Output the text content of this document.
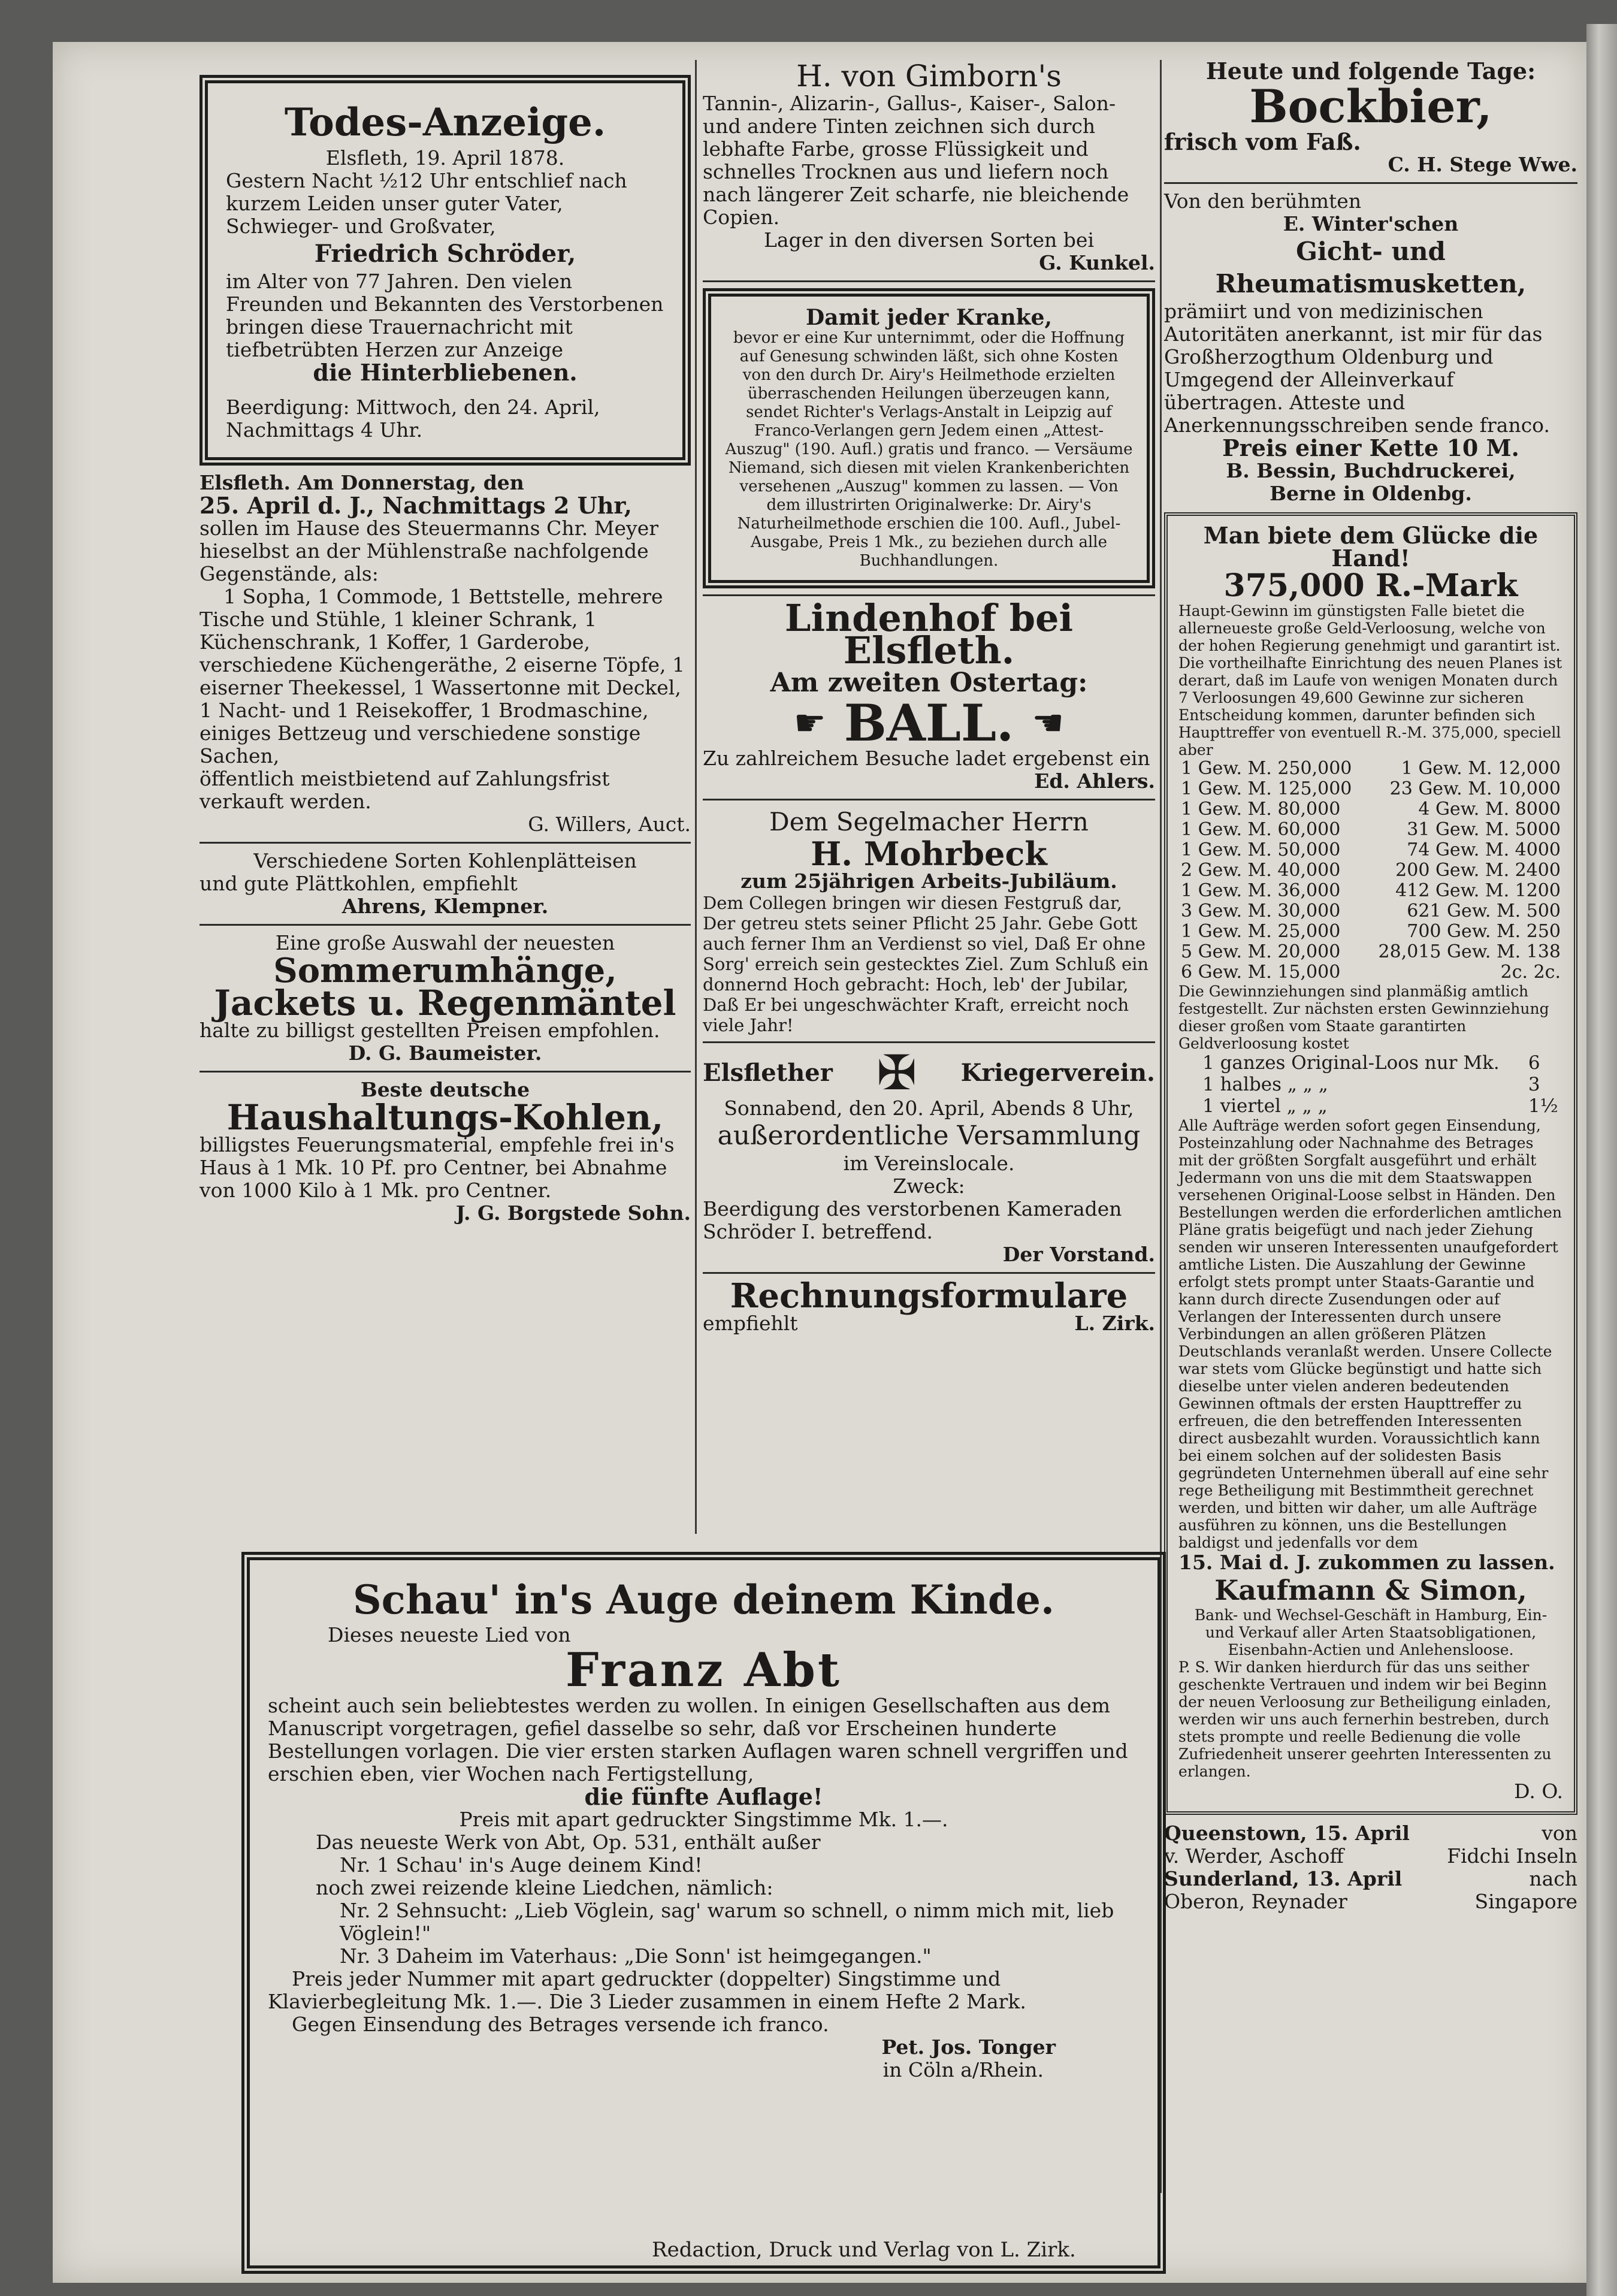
Todes-Anzeige.

Elsfleth, 19. April 1878.

Gestern Nacht ½12 Uhr entschlief nach kurzem Leiden unser guter Vater, Schwieger- und Großvater,

Friedrich Schröder,

im Alter von 77 Jahren. Den vielen Freunden und Bekannten des Verstorbenen bringen diese Trauernachricht mit tiefbetrübten Herzen zur Anzeige

die Hinterbliebenen.

Beerdigung: Mittwoch, den 24. April, Nachmittags 4 Uhr.

Elsfleth. Am Donnerstag, den

25. April d. J., Nachmittags 2 Uhr,

sollen im Hause des Steuermanns Chr. Meyer hieselbst an der Mühlenstraße nachfolgende Gegenstände, als:

1 Sopha, 1 Commode, 1 Bettstelle, mehrere Tische und Stühle, 1 kleiner Schrank, 1 Küchenschrank, 1 Koffer, 1 Garderobe, verschiedene Küchengeräthe, 2 eiserne Töpfe, 1 eiserner Theekessel, 1 Wassertonne mit Deckel, 1 Nacht- und 1 Reisekoffer, 1 Brodmaschine, einiges Bettzeug und verschiedene sonstige Sachen,

öffentlich meistbietend auf Zahlungsfrist verkauft werden.

G. Willers, Auct.

Verschiedene Sorten Kohlenplätteisen

und gute Plättkohlen, empfiehlt

Ahrens, Klempner.

Eine große Auswahl der neuesten

Sommerumhänge,

Jackets u. Regenmäntel

halte zu billigst gestellten Preisen empfohlen.

D. G. Baumeister.

Beste deutsche

Haushaltungs-Kohlen,

billigstes Feuerungsmaterial, empfehle frei in's Haus à 1 Mk. 10 Pf. pro Centner, bei Abnahme von 1000 Kilo à 1 Mk. pro Centner.

J. G. Borgstede Sohn.

H. von Gimborn's

Tannin-, Alizarin-, Gallus-, Kaiser-, Salon- und andere Tinten zeichnen sich durch lebhafte Farbe, grosse Flüssigkeit und schnelles Trocknen aus und liefern noch nach längerer Zeit scharfe, nie bleichende Copien.

Lager in den diversen Sorten bei

G. Kunkel.

Damit jeder Kranke,

bevor er eine Kur unternimmt, oder die Hoffnung auf Genesung schwinden läßt, sich ohne Kosten von den durch Dr. Airy's Heilmethode erzielten überraschenden Heilungen überzeugen kann, sendet Richter's Verlags-Anstalt in Leipzig auf Franco-Verlangen gern Jedem einen „Attest-Auszug" (190. Aufl.) gratis und franco. — Versäume Niemand, sich diesen mit vielen Krankenberichten versehenen „Auszug" kommen zu lassen. — Von dem illustrirten Originalwerke: Dr. Airy's Naturheilmethode erschien die 100. Aufl., Jubel-Ausgabe, Preis 1 Mk., zu beziehen durch alle Buchhandlungen.

Lindenhof bei Elsfleth.

Am zweiten Ostertag:

☛ BALL. ☚

Zu zahlreichem Besuche ladet ergebenst ein

Ed. Ahlers.

Dem Segelmacher Herrn

H. Mohrbeck

zum 25jährigen Arbeits-Jubiläum.

Dem Collegen bringen wir diesen Festgruß dar, Der getreu stets seiner Pflicht 25 Jahr. Gebe Gott auch ferner Ihm an Verdienst so viel, Daß Er ohne Sorg' erreich sein gestecktes Ziel. Zum Schluß ein donnernd Hoch gebracht: Hoch, leb' der Jubilar, Daß Er bei ungeschwächter Kraft, erreicht noch viele Jahr!

Elsflether ✠ Kriegerverein.

Sonnabend, den 20. April, Abends 8 Uhr,

außerordentliche Versammlung

im Vereinslocale.

Zweck:

Beerdigung des verstorbenen Kameraden Schröder I. betreffend.

Der Vorstand.

Rechnungsformulare

empfiehlt	L. Zirk.

Heute und folgende Tage:

Bockbier,

frisch vom Faß.

C. H. Stege Wwe.

Von den berühmten

E. Winter'schen

Gicht- und Rheumatismusketten,

prämiirt und von medizinischen Autoritäten anerkannt, ist mir für das Großherzogthum Oldenburg und Umgegend der Alleinverkauf übertragen. Atteste und Anerkennungsschreiben sende franco.

Preis einer Kette 10 M.

B. Bessin, Buchdruckerei,

Berne in Oldenbg.

Man biete dem Glücke die Hand!

375,000 R.-Mark

Haupt-Gewinn im günstigsten Falle bietet die allerneueste große Geld-Verloosung, welche von der hohen Regierung genehmigt und garantirt ist. Die vortheilhafte Einrichtung des neuen Planes ist derart, daß im Laufe von wenigen Monaten durch 7 Verloosungen 49,600 Gewinne zur sicheren Entscheidung kommen, darunter befinden sich Haupttreffer von eventuell R.-M. 375,000, speciell aber

1 Gew. M. 250,000	1 Gew. M. 12,000
1 Gew. M. 125,000	23 Gew. M. 10,000
1 Gew. M. 80,000	4 Gew. M. 8000
1 Gew. M. 60,000	31 Gew. M. 5000
1 Gew. M. 50,000	74 Gew. M. 4000
2 Gew. M. 40,000	200 Gew. M. 2400
1 Gew. M. 36,000	412 Gew. M. 1200
3 Gew. M. 30,000	621 Gew. M. 500
1 Gew. M. 25,000	700 Gew. M. 250
5 Gew. M. 20,000	28,015 Gew. M. 138
6 Gew. M. 15,000	2c. 2c.

Die Gewinnziehungen sind planmäßig amtlich festgestellt. Zur nächsten ersten Gewinnziehung dieser großen vom Staate garantirten Geldverloosung kostet

1 ganzes Original-Loos nur Mk.	6
1 halbes „ „ „	3
1 viertel „ „ „	1½

Alle Aufträge werden sofort gegen Einsendung, Posteinzahlung oder Nachnahme des Betrages mit der größten Sorgfalt ausgeführt und erhält Jedermann von uns die mit dem Staatswappen versehenen Original-Loose selbst in Händen. Den Bestellungen werden die erforderlichen amtlichen Pläne gratis beigefügt und nach jeder Ziehung senden wir unseren Interessenten unaufgefordert amtliche Listen. Die Auszahlung der Gewinne erfolgt stets prompt unter Staats-Garantie und kann durch directe Zusendungen oder auf Verlangen der Interessenten durch unsere Verbindungen an allen größeren Plätzen Deutschlands veranlaßt werden. Unsere Collecte war stets vom Glücke begünstigt und hatte sich dieselbe unter vielen anderen bedeutenden Gewinnen oftmals der ersten Haupttreffer zu erfreuen, die den betreffenden Interessenten direct ausbezahlt wurden. Voraussichtlich kann bei einem solchen auf der solidesten Basis gegründeten Unternehmen überall auf eine sehr rege Betheiligung mit Bestimmtheit gerechnet werden, und bitten wir daher, um alle Aufträge ausführen zu können, uns die Bestellungen baldigst und jedenfalls vor dem

15. Mai d. J. zukommen zu lassen.

Kaufmann & Simon,

Bank- und Wechsel-Geschäft in Hamburg, Ein- und Verkauf aller Arten Staatsobligationen, Eisenbahn-Actien und Anlehensloose.

P. S. Wir danken hierdurch für das uns seither geschenkte Vertrauen und indem wir bei Beginn der neuen Verloosung zur Betheiligung einladen, werden wir uns auch fernerhin bestreben, durch stets prompte und reelle Bedienung die volle Zufriedenheit unserer geehrten Interessenten zu erlangen.

D. O.

Queenstown, 15. April	von
v. Werder, Aschoff	Fidchi Inseln
Sunderland, 13. April	nach
Oberon, Reynader	Singapore

Schau' in's Auge deinem Kinde.

Dieses neueste Lied von

Franz Abt

scheint auch sein beliebtestes werden zu wollen. In einigen Gesellschaften aus dem Manuscript vorgetragen, gefiel dasselbe so sehr, daß vor Erscheinen hunderte Bestellungen vorlagen. Die vier ersten starken Auflagen waren schnell vergriffen und erschien eben, vier Wochen nach Fertigstellung,

die fünfte Auflage!

Preis mit apart gedruckter Singstimme Mk. 1.—.

Das neueste Werk von Abt, Op. 531, enthält außer

Nr. 1 Schau' in's Auge deinem Kind!

noch zwei reizende kleine Liedchen, nämlich:

Nr. 2 Sehnsucht: „Lieb Vöglein, sag' warum so schnell, o nimm mich mit, lieb Vöglein!"

Nr. 3 Daheim im Vaterhaus: „Die Sonn' ist heimgegangen."

Preis jeder Nummer mit apart gedruckter (doppelter) Singstimme und Klavierbegleitung Mk. 1.—. Die 3 Lieder zusammen in einem Hefte 2 Mark.

Gegen Einsendung des Betrages versende ich franco.

Pet. Jos. Tonger

in Cöln a/Rhein.

Redaction, Druck und Verlag von L. Zirk.
